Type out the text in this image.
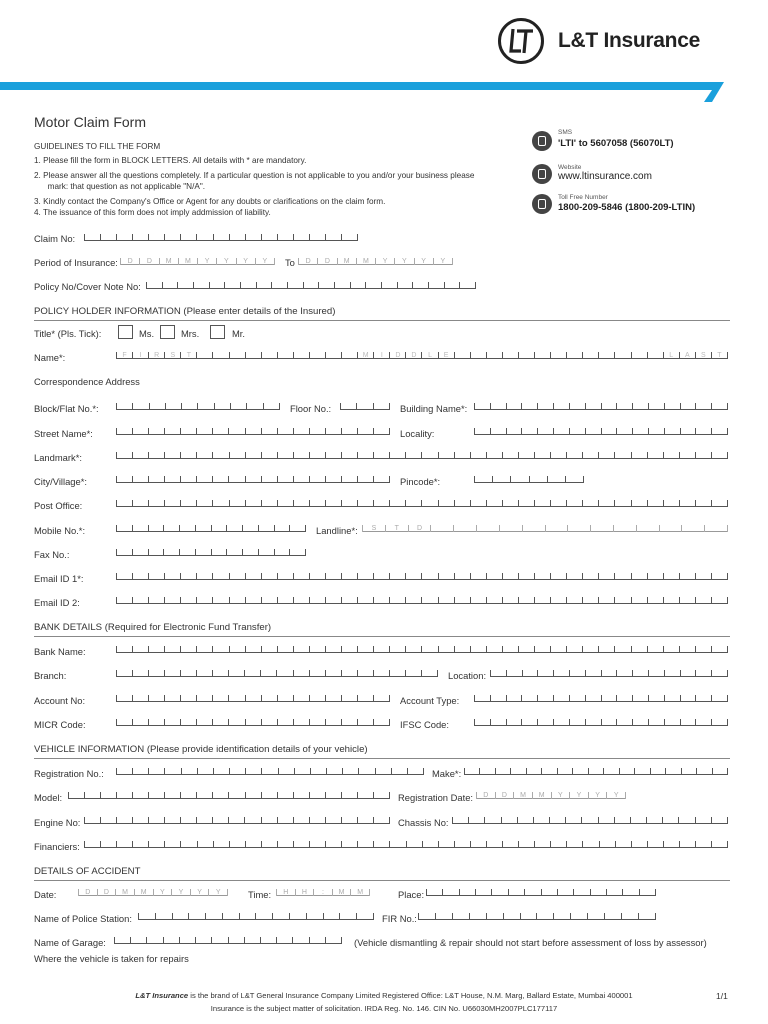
L&T Insurance
Motor Claim Form
GUIDELINES TO FILL THE FORM
1. Please fill the form in BLOCK LETTERS. All details with * are mandatory.
2. Please answer all the questions completely. If a particular question is not applicable to you and/or your business please
mark: that question as not applicable "N/A".
3. Kindly contact the Company's Office or Agent for any doubts or clarifications on the claim form.
4. The issuance of this form does not imply addmission of liability.
SMS
'LTI' to 5607058 (56070LT)
Website
www.ltinsurance.com
Toll Free Number
1800-209-5846 (1800-209-LTIN)
Claim No:
Period of Insurance:	D	D	M	M	Y	Y	Y	Y	To	D	D	M	M	Y	Y	Y	Y
Policy No/Cover Note No:
POLICY HOLDER INFORMATION (Please enter details of the Insured)
Title* (Pls. Tick):	Ms.	Mrs.	Mr.
Name*:	F	I	R	S	T	M	I	D	D	L	E	L	A	S	T
Correspondence Address
Block/Flat No.*:	Floor No.:	Building Name*:
Street Name*:	Locality:
Landmark*:
City/Village*:	Pincode*:
Post Office:
Mobile No.*:	Landline*:	S	T	D
Fax No.:
Email ID 1*:
Email ID 2:
BANK DETAILS (Required for Electronic Fund Transfer)
Bank Name:
Branch:	Location:
Account No:	Account Type:
MICR Code:	IFSC Code:
VEHICLE INFORMATION (Please provide identification details of your vehicle)
Registration No.:	Make*:
Model:	Registration Date:	D	D	M	M	Y	Y	Y	Y
Engine No:	Chassis No:
Financiers:
DETAILS OF ACCIDENT
Date:	D	D	M	M	Y	Y	Y	Y	Time:	H	H	:	M	M	Place:
Name of Police Station:	FIR No.:
Name of Garage:	(Vehicle dismantling & repair should not start before assessment of loss by assessor)
Where the vehicle is taken for repairs
L&T Insurance is the brand of L&T General Insurance Company Limited Registered Office: L&T House, N.M. Marg, Ballard Estate, Mumbai 400001
Insurance is the subject matter of solicitation. IRDA Reg. No. 146. CIN No. U66030MH2007PLC177117
1/1
